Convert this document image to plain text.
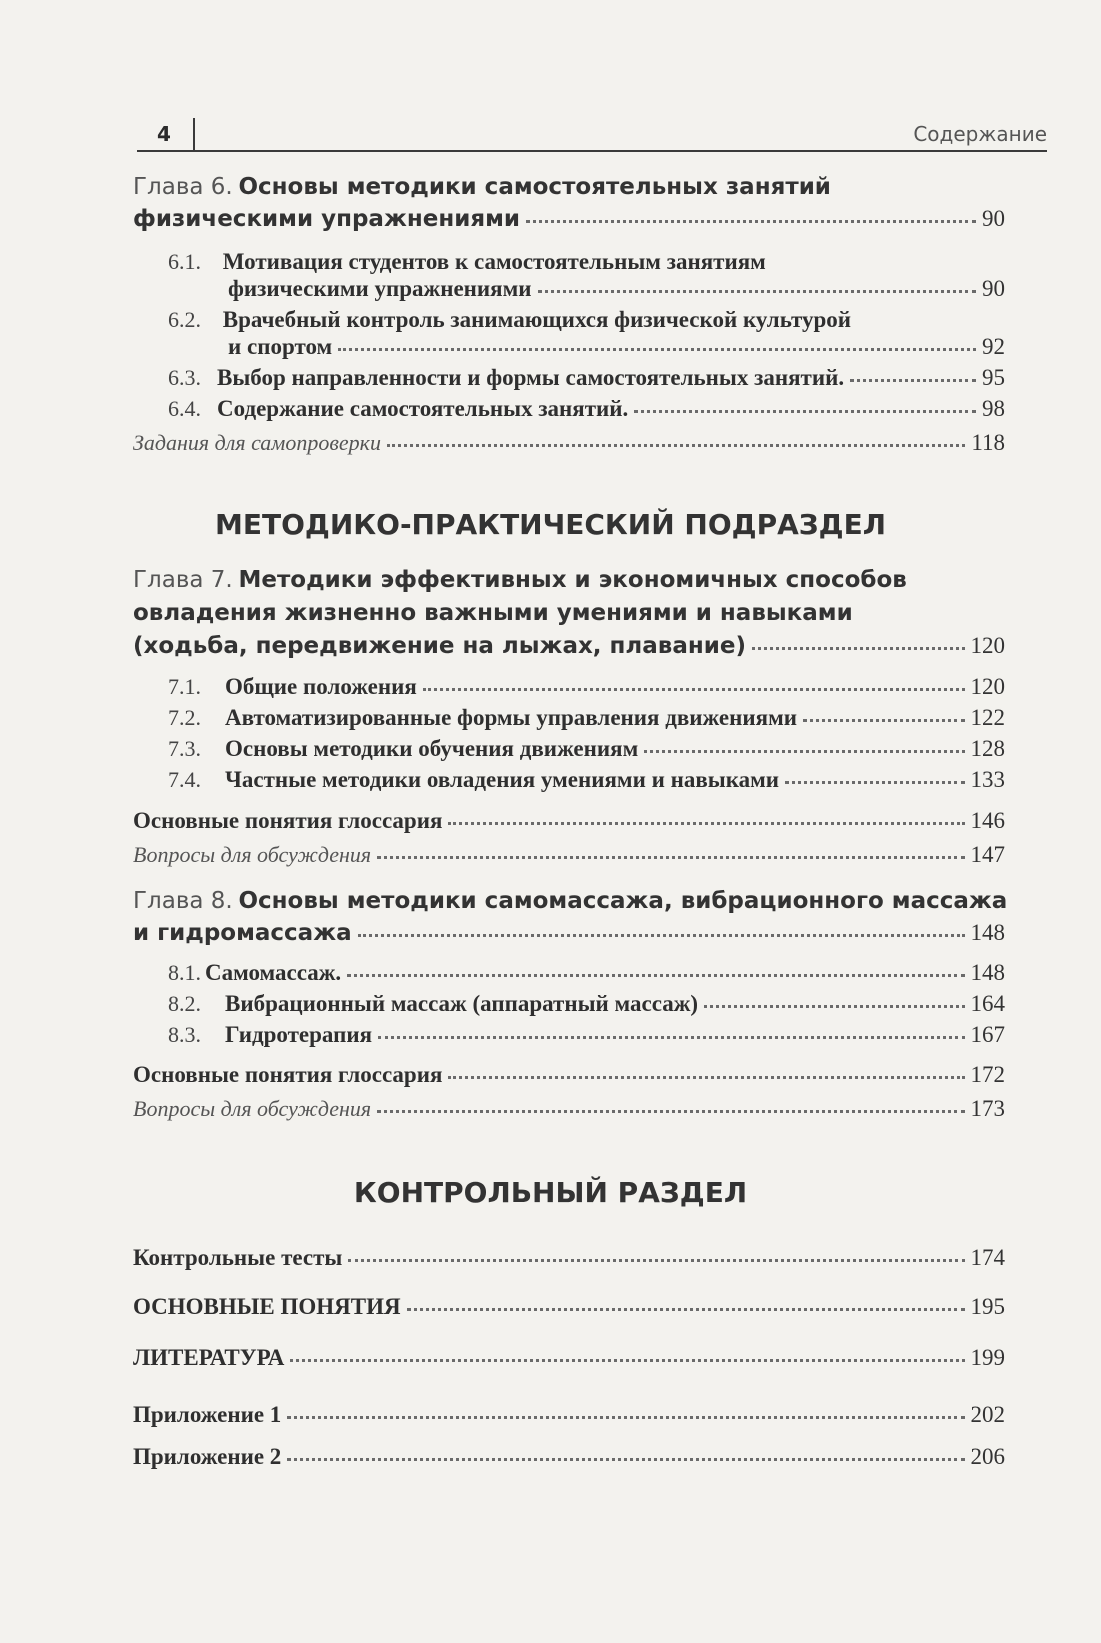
4	Содержание
Глава 6. Основы методики самостоятельных занятий
физическими упражнениями	90
6.1. Мотивация студентов к самостоятельным занятиям
физическими упражнениями	90
6.2. Врачебный контроль занимающихся физической культурой
и спортом	92
6.3. Выбор направленности и формы самостоятельных занятий.	95
6.4. Содержание самостоятельных занятий.	98
Задания для самопроверки	118
МЕТОДИКО-ПРАКТИЧЕСКИЙ ПОДРАЗДЕЛ
Глава 7. Методики эффективных и экономичных способов
овладения жизненно важными умениями и навыками
(ходьба, передвижение на лыжах, плавание)	120
7.1. Общие положения	120
7.2. Автоматизированные формы управления движениями	122
7.3. Основы методики обучения движениям	128
7.4. Частные методики овладения умениями и навыками	133
Основные понятия глоссария	146
Вопросы для обсуждения	147
Глава 8. Основы методики самомассажа, вибрационного массажа
и гидромассажа	148
8.1. Самомассаж.	148
8.2. Вибрационный массаж (аппаратный массаж)	164
8.3. Гидротерапия	167
Основные понятия глоссария	172
Вопросы для обсуждения	173
КОНТРОЛЬНЫЙ РАЗДЕЛ
Контрольные тесты	174
ОСНОВНЫЕ ПОНЯТИЯ	195
ЛИТЕРАТУРА	199
Приложение 1	202
Приложение 2	206
